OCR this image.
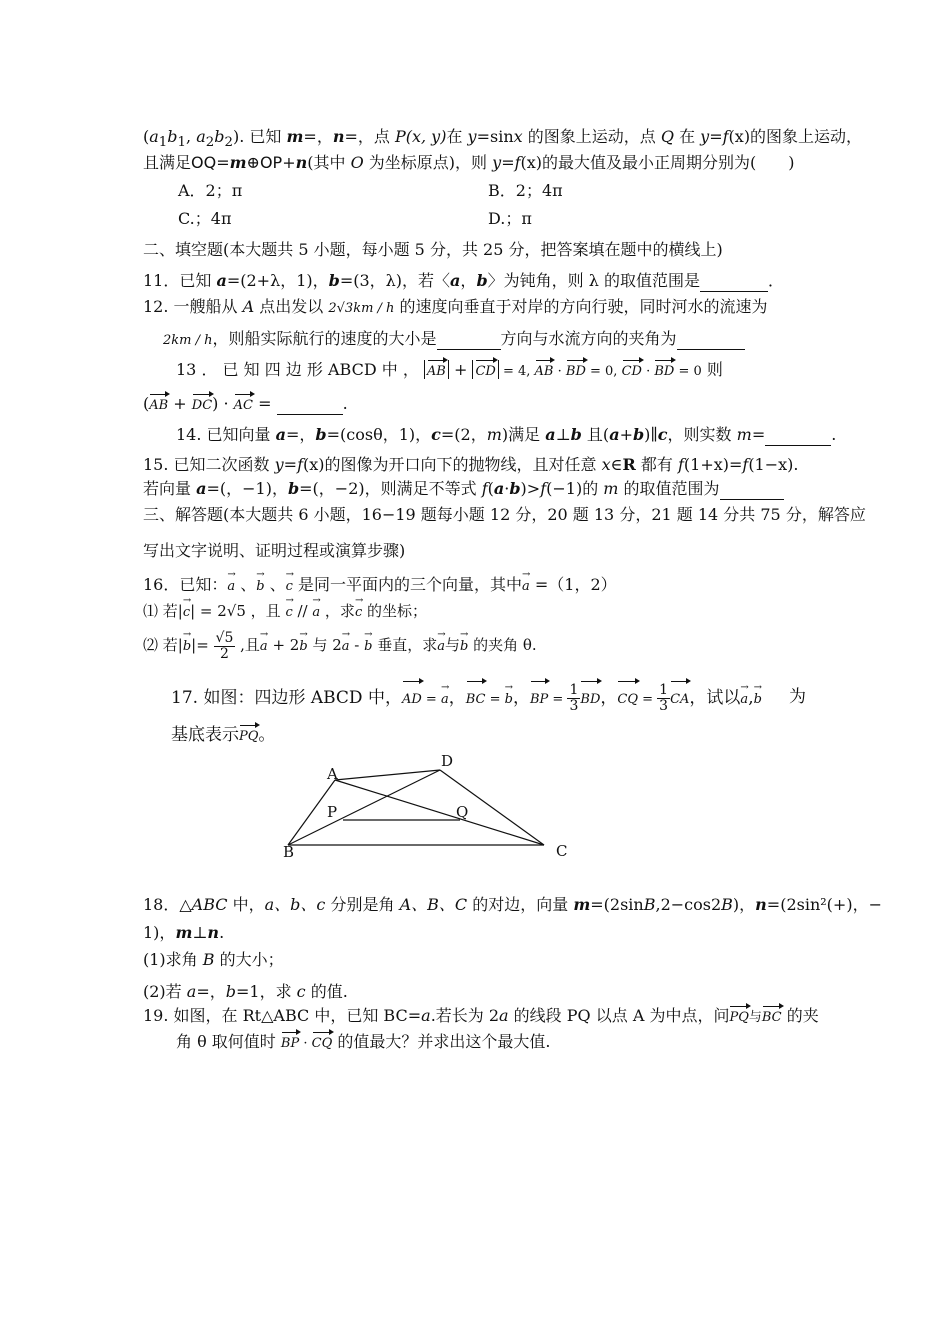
($a_1b_1$, $a_2b_2$). 已知 m=，n=，点 P(x, y)在 y=sinx 的图象上运动，点 Q 在 y=f(x)的图象上运动，
且满足OQ=m⊕OP+n(其中 O 为坐标原点)，则 y=f(x)的最大值及最小正周期分别为(　　)
A．2；π	B．2；4π
C.；4π	D.；π
二、填空题(本大题共 5 小题，每小题 5 分，共 25 分，把答案填在题中的横线上)
11．已知 a=(2+λ，1)，b=(3，λ)，若〈a，b〉为钝角，则 λ 的取值范围是	．
12. 一艘船从 A 点出发以 2√3km / h 的速度向垂直于对岸的方向行驶，同时河水的流速为
2km / h，则船实际航行的速度的大小是	方向与水流方向的夹角为
13 ． 已 知 四 边 形 ABCD 中 ， AB + CD = 4, AB · BD = 0, CD · BD = 0 则
(AB + DC) · AC =	.
14. 已知向量 a=，b=(cosθ，1)，c=(2，m)满足 a⊥b 且(a+b)∥c，则实数 m=	.
15. 已知二次函数 y=f(x)的图像为开口向下的抛物线，且对任意 x∈R 都有 f(1+x)=f(1−x).
若向量 a=(，−1)，b=(，−2)，则满足不等式 f(a·b)>f(−1)的 m 的取值范围为
三、解答题(本大题共 6 小题，16−19 题每小题 12 分，20 题 13 分，21 题 14 分共 75 分，解答应
写出文字说明、证明过程或演算步骤)
16．已知：→ a 、→ b 、→ c 是同一平面内的三个向量，其中→ a =（1，2）
⑴ 若|→ c| = 2√5 ，且 → c // → a ，求→ c 的坐标；
⑵ 若|→ $b|= \frac{√5}{2}$ ,且→ a + 2→ b 与 2→ a - → b 垂直，求→ a与→ b 的夹角 θ.
17. 如图：四边形 ABCD 中，AD = → a，BC = → b，BP = $\frac{1}{3}$ BD，CQ = $\frac{1}{3}$ CA，试以→ a,→ b 为
基底表示PQ。
A
D
P	Q
B	C
18．△ABC 中，a、b、c 分别是角 A、B、C 的对边，向量 m=(2sinB,2−cos2B)，n=(2sin²(+)，−
1)，m⊥n.
(1)求角 B 的大小；
(2)若 a=，b=1，求 c 的值.
19. 如图，在 Rt△ABC 中，已知 BC=a.若长为 2a 的线段 PQ 以点 A 为中点，问PQ与BC 的夹
角 θ 取何值时 BP · CQ 的值最大？并求出这个最大值.
